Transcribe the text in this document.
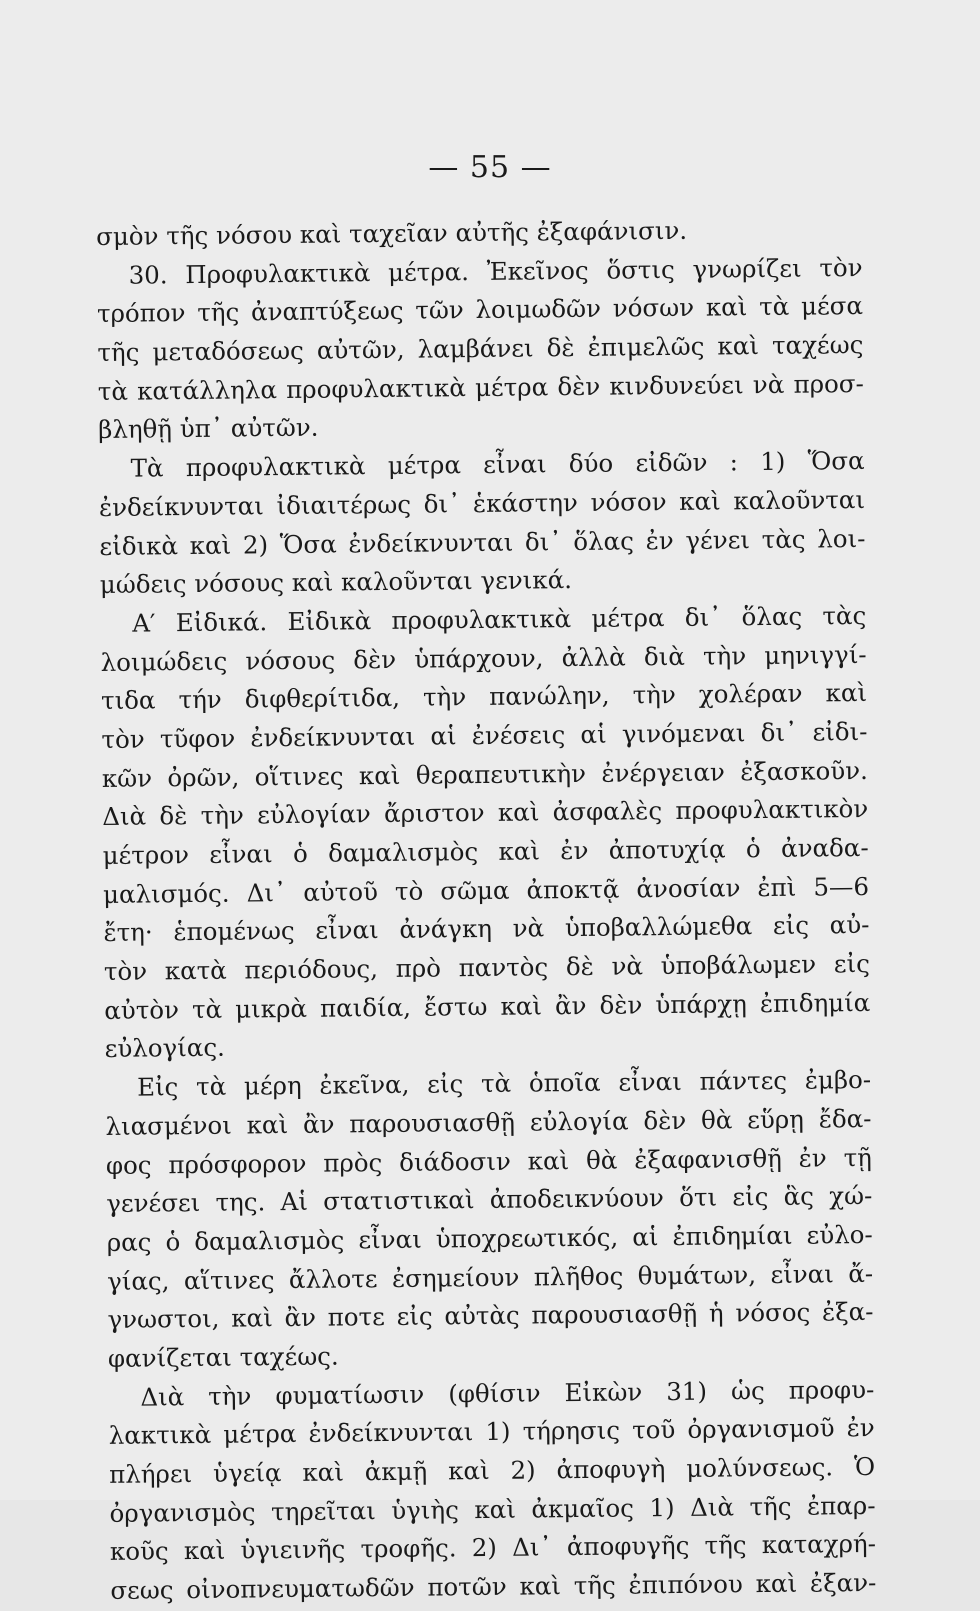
— 55 —
σμὸν τῆς νόσου καὶ ταχεῖαν αὐτῆς ἐξαφάνισιν.
30. Προφυλακτικὰ μέτρα. Ἐκεῖνος ὅστις γνωρίζει τὸν
τρόπον τῆς ἀναπτύξεως τῶν λοιμωδῶν νόσων καὶ τὰ μέσα
τῆς μεταδόσεως αὐτῶν, λαμβάνει δὲ ἐπιμελῶς καὶ ταχέως
τὰ κατάλληλα προφυλακτικὰ μέτρα δὲν κινδυνεύει νὰ προσ-
βληθῇ ὑπ᾽ αὐτῶν.
Τὰ προφυλακτικὰ μέτρα εἶναι δύο εἰδῶν : 1) Ὅσα
ἐνδείκνυνται ἰδιαιτέρως δι᾽ ἑκάστην νόσον καὶ καλοῦνται
εἰδικὰ καὶ 2) Ὅσα ἐνδείκνυνται δι᾽ ὅλας ἐν γένει τὰς λοι-
μώδεις νόσους καὶ καλοῦνται γενικά.
Α′ Εἰδικά. Εἰδικὰ προφυλακτικὰ μέτρα δι᾽ ὅλας τὰς
λοιμώδεις νόσους δὲν ὑπάρχουν, ἀλλὰ διὰ τὴν μηνιγγί-
τιδα τήν διφθερίτιδα, τὴν πανώλην, τὴν χολέραν καὶ
τὸν τῦφον ἐνδείκνυνται αἱ ἐνέσεις αἱ γινόμεναι δι᾽ εἰδι-
κῶν ὀρῶν, οἵτινες καὶ θεραπευτικὴν ἐνέργειαν ἐξασκοῦν.
Διὰ δὲ τὴν εὐλογίαν ἄριστον καὶ ἀσφαλὲς προφυλακτικὸν
μέτρον εἶναι ὁ δαμαλισμὸς καὶ ἐν ἀποτυχίᾳ ὁ ἀναδα-
μαλισμός. Δι᾽ αὐτοῦ τὸ σῶμα ἀποκτᾷ ἀνοσίαν ἐπὶ 5—6
ἔτη· ἑπομένως εἶναι ἀνάγκη νὰ ὑποβαλλώμεθα εἰς αὐ-
τὸν κατὰ περιόδους, πρὸ παντὸς δὲ νὰ ὑποβάλωμεν εἰς
αὐτὸν τὰ μικρὰ παιδία, ἔστω καὶ ἂν δὲν ὑπάρχῃ ἐπιδημία
εὐλογίας.
Εἰς τὰ μέρη ἐκεῖνα, εἰς τὰ ὁποῖα εἶναι πάντες ἐμβο-
λιασμένοι καὶ ἂν παρουσιασθῇ εὐλογία δὲν θὰ εὕρῃ ἔδα-
φος πρόσφορον πρὸς διάδοσιν καὶ θὰ ἐξαφανισθῇ ἐν τῇ
γενέσει της. Αἱ στατιστικαὶ ἀποδεικνύουν ὅτι εἰς ἃς χώ-
ρας ὁ δαμαλισμὸς εἶναι ὑποχρεωτικός, αἱ ἐπιδημίαι εὐλο-
γίας, αἵτινες ἄλλοτε ἐσημείουν πλῆθος θυμάτων, εἶναι ἄ-
γνωστοι, καὶ ἂν ποτε εἰς αὐτὰς παρουσιασθῇ ἡ νόσος ἐξα-
φανίζεται ταχέως.
Διὰ τὴν φυματίωσιν (φθίσιν Εἰκὼν 31) ὡς προφυ-
λακτικὰ μέτρα ἐνδείκνυνται 1) τήρησις τοῦ ὀργανισμοῦ ἐν
πλήρει ὑγείᾳ καὶ ἀκμῇ καὶ 2) ἀποφυγὴ μολύνσεως. Ὁ
ὀργανισμὸς τηρεῖται ὑγιὴς καὶ ἀκμαῖος 1) Διὰ τῆς ἐπαρ-
κοῦς καὶ ὑγιεινῆς τροφῆς. 2) Δι᾽ ἀποφυγῆς τῆς καταχρή-
σεως οἰνοπνευματωδῶν ποτῶν καὶ τῆς ἐπιπόνου καὶ ἐξαν-
